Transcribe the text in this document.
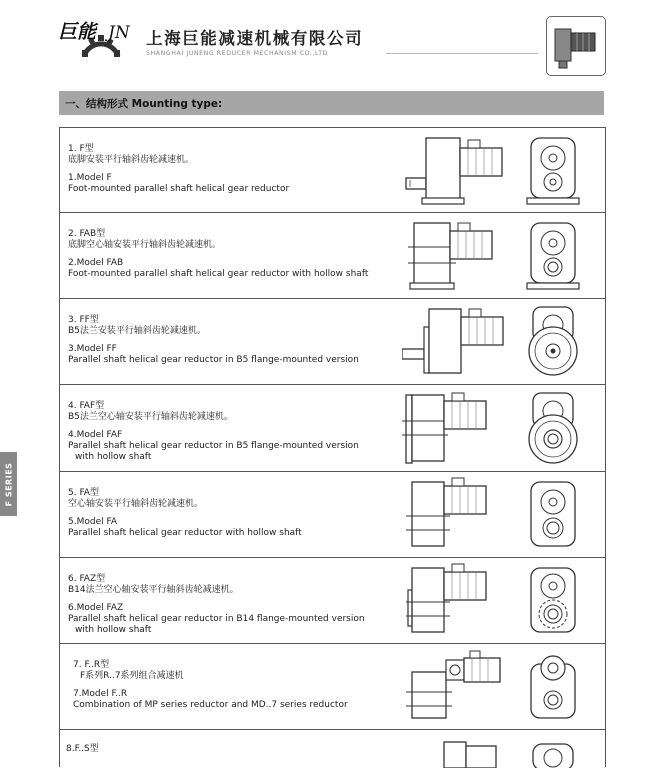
巨能 JN 上海巨能减速机械有限公司
SHANGHAI JUNENG REDUCER MECHANISM CO.,LTD
一、结构形式 Mounting type:
F SERIES
1. F型
底脚安装平行轴斜齿轮减速机。
1.Model F
Foot-mounted parallel shaft helical gear reductor
2. FAB型
底脚空心轴安装平行轴斜齿轮减速机。
2.Model FAB
Foot-mounted parallel shaft helical gear reductor with hollow shaft
3. FF型
B5法兰安装平行轴斜齿轮减速机。
3.Model FF
Parallel shaft helical gear reductor in B5 flange-mounted version
4. FAF型
B5法兰空心轴安装平行轴斜齿轮减速机。
4.Model FAF
Parallel shaft helical gear reductor in B5 flange-mounted version
with hollow shaft
5. FA型
空心轴安装平行轴斜齿轮减速机。
5.Model FA
Parallel shaft helical gear reductor with hollow shaft
6. FAZ型
B14法兰空心轴安装平行轴斜齿轮减速机。
6.Model FAZ
Parallel shaft helical gear reductor in B14 flange-mounted version
with hollow shaft
7. F..R型
F系列R..7系列组合减速机
7.Model F..R
Combination of MP series reductor and MD..7 series reductor
8.F..S型
